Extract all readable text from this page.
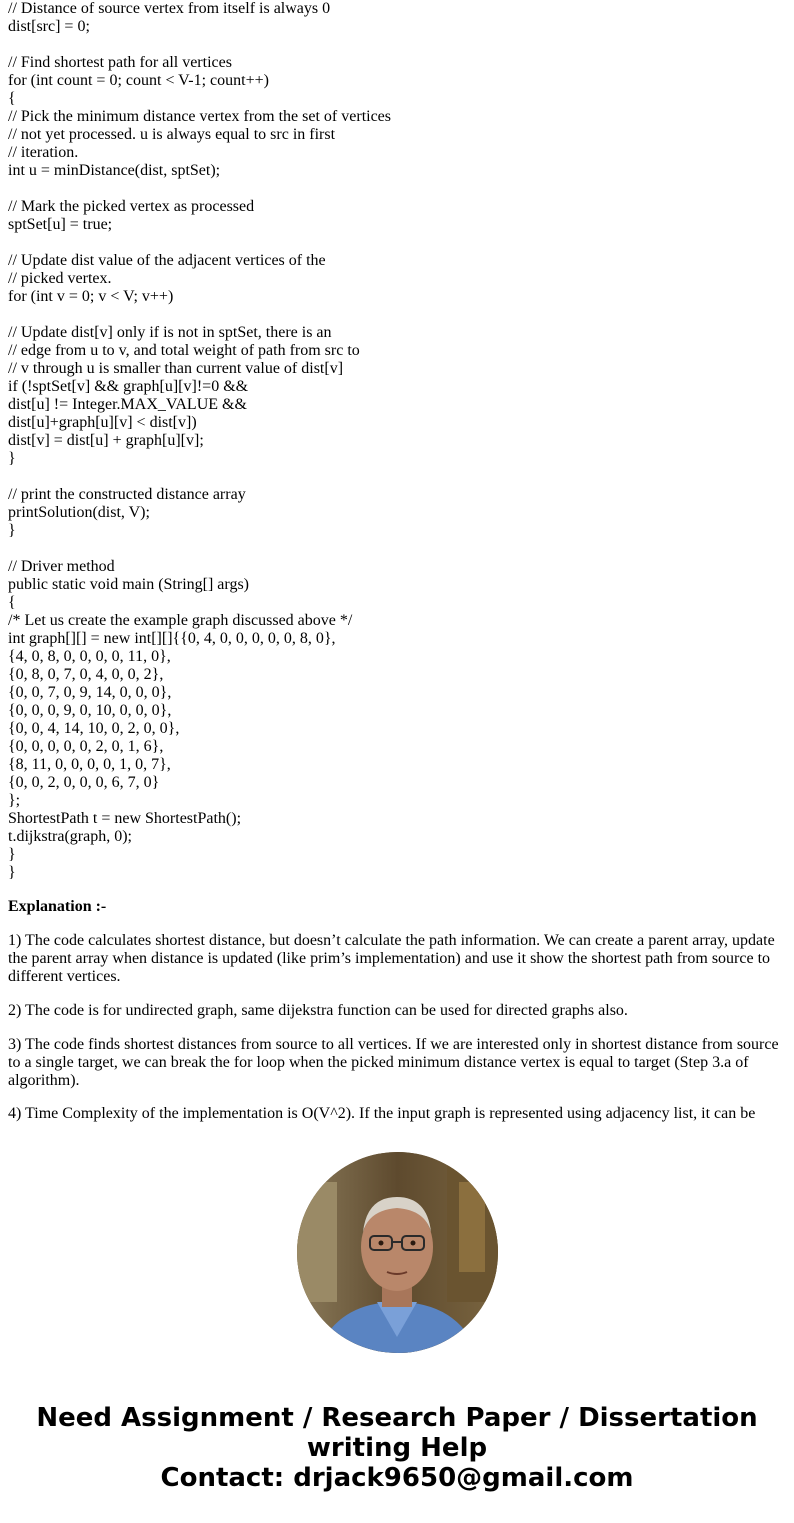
// Distance of source vertex from itself is always 0
dist[src] = 0;
// Find shortest path for all vertices
for (int count = 0; count < V-1; count++)
{
// Pick the minimum distance vertex from the set of vertices
// not yet processed. u is always equal to src in first
// iteration.
int u = minDistance(dist, sptSet);
// Mark the picked vertex as processed
sptSet[u] = true;
// Update dist value of the adjacent vertices of the
// picked vertex.
for (int v = 0; v < V; v++)
// Update dist[v] only if is not in sptSet, there is an
// edge from u to v, and total weight of path from src to
// v through u is smaller than current value of dist[v]
if (!sptSet[v] && graph[u][v]!=0 &&
dist[u] != Integer.MAX_VALUE &&
dist[u]+graph[u][v] < dist[v])
dist[v] = dist[u] + graph[u][v];
}
// print the constructed distance array
printSolution(dist, V);
}
// Driver method
public static void main (String[] args)
{
/* Let us create the example graph discussed above */
int graph[][] = new int[][]{{0, 4, 0, 0, 0, 0, 0, 8, 0},
{4, 0, 8, 0, 0, 0, 0, 11, 0},
{0, 8, 0, 7, 0, 4, 0, 0, 2},
{0, 0, 7, 0, 9, 14, 0, 0, 0},
{0, 0, 0, 9, 0, 10, 0, 0, 0},
{0, 0, 4, 14, 10, 0, 2, 0, 0},
{0, 0, 0, 0, 0, 2, 0, 1, 6},
{8, 11, 0, 0, 0, 0, 1, 0, 7},
{0, 0, 2, 0, 0, 0, 6, 7, 0}
};
ShortestPath t = new ShortestPath();
t.dijkstra(graph, 0);
}
}

Explanation :-

1) The code calculates shortest distance, but doesn’t calculate the path information. We can create a parent array, update the parent array when distance is updated (like prim’s implementation) and use it show the shortest path from source to different vertices.

2) The code is for undirected graph, same dijekstra function can be used for directed graphs also.

3) The code finds shortest distances from source to all vertices. If we are interested only in shortest distance from source to a single target, we can break the for loop when the picked minimum distance vertex is equal to target (Step 3.a of algorithm).

4) Time Complexity of the implementation is O(V^2). If the input graph is represented using adjacency list, it can be
Need Assignment / Research Paper / Dissertation
writing Help
Contact: drjack9650@gmail.com
